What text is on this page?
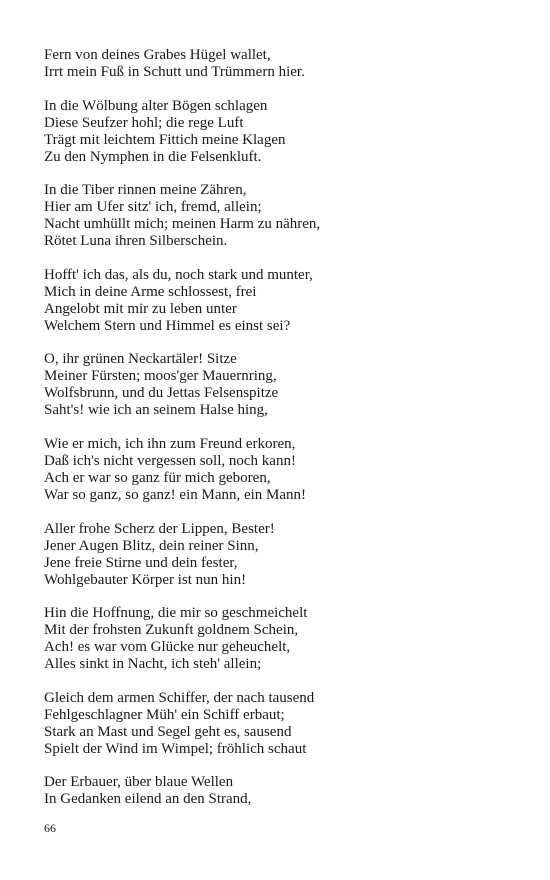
Fern von deines Grabes Hügel wallet,
Irrt mein Fuß in Schutt und Trümmern hier.
In die Wölbung alter Bögen schlagen
Diese Seufzer hohl; die rege Luft
Trägt mit leichtem Fittich meine Klagen
Zu den Nymphen in die Felsenkluft.
In die Tiber rinnen meine Zähren,
Hier am Ufer sitz' ich, fremd, allein;
Nacht umhüllt mich; meinen Harm zu nähren,
Rötet Luna ihren Silberschein.
Hofft' ich das, als du, noch stark und munter,
Mich in deine Arme schlossest, frei
Angelobt mit mir zu leben unter
Welchem Stern und Himmel es einst sei?
O, ihr grünen Neckartäler! Sitze
Meiner Fürsten; moos'ger Mauernring,
Wolfsbrunn, und du Jettas Felsenspitze
Saht's! wie ich an seinem Halse hing,
Wie er mich, ich ihn zum Freund erkoren,
Daß ich's nicht vergessen soll, noch kann!
Ach er war so ganz für mich geboren,
War so ganz, so ganz! ein Mann, ein Mann!
Aller frohe Scherz der Lippen, Bester!
Jener Augen Blitz, dein reiner Sinn,
Jene freie Stirne und dein fester,
Wohlgebauter Körper ist nun hin!
Hin die Hoffnung, die mir so geschmeichelt
Mit der frohsten Zukunft goldnem Schein,
Ach! es war vom Glücke nur geheuchelt,
Alles sinkt in Nacht, ich steh' allein;
Gleich dem armen Schiffer, der nach tausend
Fehlgeschlagner Müh' ein Schiff erbaut;
Stark an Mast und Segel geht es, sausend
Spielt der Wind im Wimpel; fröhlich schaut
Der Erbauer, über blaue Wellen
In Gedanken eilend an den Strand,
66
